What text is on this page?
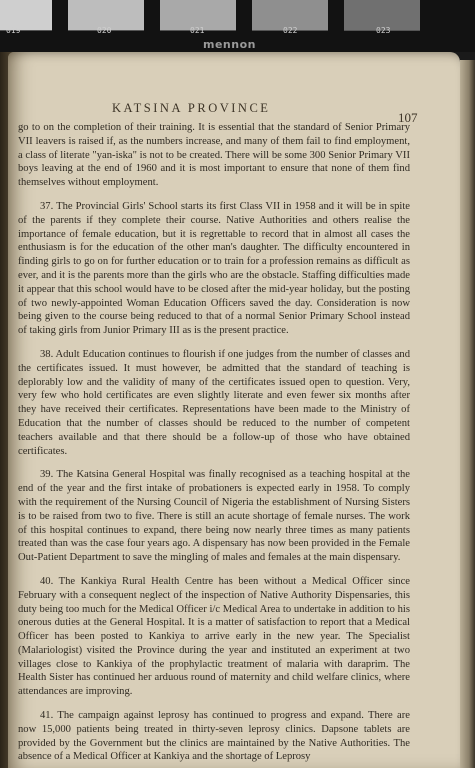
019	020	021	022	023
mennon
KATSINA PROVINCE
107

go to on the completion of their training. It is essential that the standard of Senior Primary VII leavers is raised if, as the numbers increase, and many of them fail to find employment, a class of literate "yan-iska" is not to be created. There will be some 300 Senior Primary VII boys leaving at the end of 1960 and it is most important to ensure that none of them find themselves without employment.

37. The Provincial Girls' School starts its first Class VII in 1958 and it will be in spite of the parents if they complete their course. Native Authorities and others realise the importance of female education, but it is regrettable to record that in almost all cases the enthusiasm is for the education of the other man's daughter. The difficulty encountered in finding girls to go on for further education or to train for a profession remains as difficult as ever, and it is the parents more than the girls who are the obstacle. Staffing difficulties made it appear that this school would have to be closed after the mid-year holiday, but the posting of two newly-appointed Woman Education Officers saved the day. Consideration is now being given to the course being reduced to that of a normal Senior Primary School instead of taking girls from Junior Primary III as is the present practice.

38. Adult Education continues to flourish if one judges from the number of classes and the certificates issued. It must however, be admitted that the standard of teaching is deplorably low and the validity of many of the certificates issued open to question. Very, very few who hold certificates are even slightly literate and even fewer six months after they have received their certificates. Representations have been made to the Ministry of Education that the number of classes should be reduced to the number of competent teachers available and that there should be a follow-up of those who have obtained certificates.

39. The Katsina General Hospital was finally recognised as a teaching hospital at the end of the year and the first intake of probationers is expected early in 1958. To comply with the requirement of the Nursing Council of Nigeria the establishment of Nursing Sisters is to be raised from two to five. There is still an acute shortage of female nurses. The work of this hospital continues to expand, there being now nearly three times as many patients treated than was the case four years ago. A dispensary has now been provided in the Female Out-Patient Department to save the mingling of males and females at the main dispensary.

40. The Kankiya Rural Health Centre has been without a Medical Officer since February with a consequent neglect of the inspection of Native Authority Dispensaries, this duty being too much for the Medical Officer i/c Medical Area to undertake in addition to his onerous duties at the General Hospital. It is a matter of satisfaction to report that a Medical Officer has been posted to Kankiya to arrive early in the new year. The Specialist (Malariologist) visited the Province during the year and instituted an experiment at two villages close to Kankiya of the prophylactic treatment of malaria with daraprim. The Health Sister has continued her arduous round of maternity and child welfare clinics, where attendances are improving.

41. The campaign against leprosy has continued to progress and expand. There are now 15,000 patients being treated in thirty-seven leprosy clinics. Dapsone tablets are provided by the Government but the clinics are maintained by the Native Authorities. The absence of a Medical Officer at Kankiya and the shortage of Leprosy
